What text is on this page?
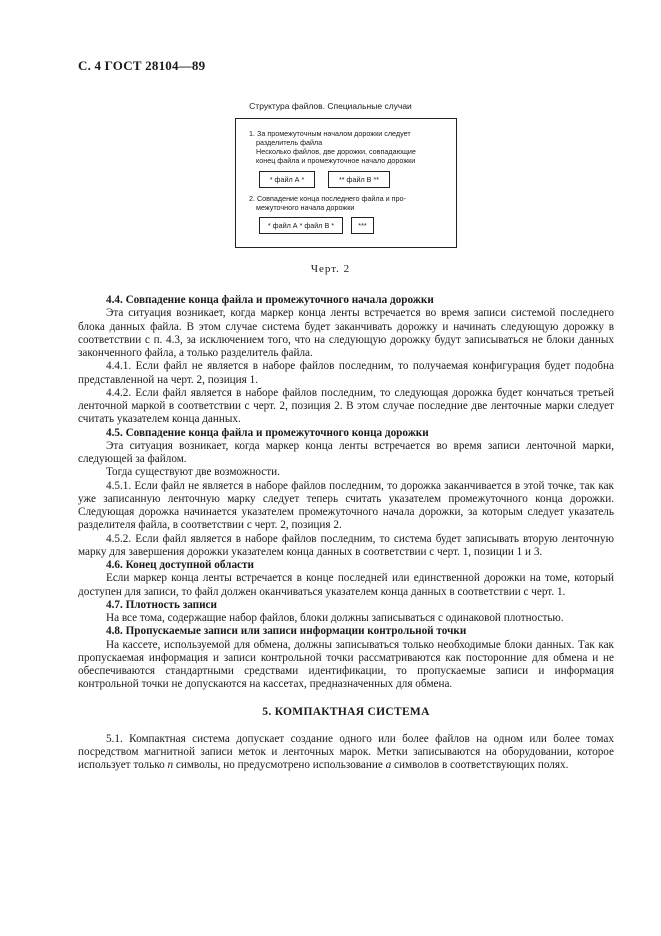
С. 4 ГОСТ 28104—89
Структура файлов. Специальные случаи
1. За промежуточным началом дорожки следует
разделитель файла
Несколько файлов, две дорожки, совпадающие
конец файла и промежуточное начало дорожки
* файл А *	** файл В **
2. Совпадение конца последнего файла и про-
межуточного начала дорожки
* файл А * файл В *	***
Черт. 2
4.4. Совпадение конца файла и промежуточного начала дорожки

Эта ситуация возникает, когда маркер конца ленты встречается во время записи системой последнего блока данных файла. В этом случае система будет заканчивать дорожку и начинать следующую дорожку в соответствии с п. 4.3, за исключением того, что на следующую дорожку будут записываться не блоки данных законченного файла, а только разделитель файла.

4.4.1. Если файл не является в наборе файлов последним, то получаемая конфигурация будет подобна представленной на черт. 2, позиция 1.

4.4.2. Если файл является в наборе файлов последним, то следующая дорожка будет кончаться третьей ленточной маркой в соответствии с черт. 2, позиция 2. В этом случае последние две ленточные марки следует считать указателем конца данных.

4.5. Совпадение конца файла и промежуточного конца дорожки

Эта ситуация возникает, когда маркер конца ленты встречается во время записи ленточной марки, следующей за файлом.

Тогда существуют две возможности.

4.5.1. Если файл не является в наборе файлов последним, то дорожка заканчивается в этой точке, так как уже записанную ленточную марку следует теперь считать указателем промежуточного конца дорожки. Следующая дорожка начинается указателем промежуточного начала дорожки, за которым следует указатель разделителя файла, в соответствии с черт. 2, позиция 2.

4.5.2. Если файл является в наборе файлов последним, то система будет записывать вторую ленточную марку для завершения дорожки указателем конца данных в соответствии с черт. 1, позиции 1 и 3.

4.6. Конец доступной области

Если маркер конца ленты встречается в конце последней или единственной дорожки на томе, который доступен для записи, то файл должен оканчиваться указателем конца данных в соответствии с черт. 1.

4.7. Плотность записи

На все тома, содержащие набор файлов, блоки должны записываться с одинаковой плотностью.

4.8. Пропускаемые записи или записи информации контрольной точки

На кассете, используемой для обмена, должны записываться только необходимые блоки данных. Так как пропускаемая информация и записи контрольной точки рассматриваются как посторонние для обмена и не обеспечиваются стандартными средствами идентификации, то пропускаемые записи и информация контрольной точки не допускаются на кассетах, предназначенных для обмена.

5. КОМПАКТНАЯ СИСТЕМА

5.1. Компактная система допускает создание одного или более файлов на одном или более томах посредством магнитной записи меток и ленточных марок. Метки записываются на оборудовании, которое использует только n символы, но предусмотрено использование a символов в соответствующих полях.
